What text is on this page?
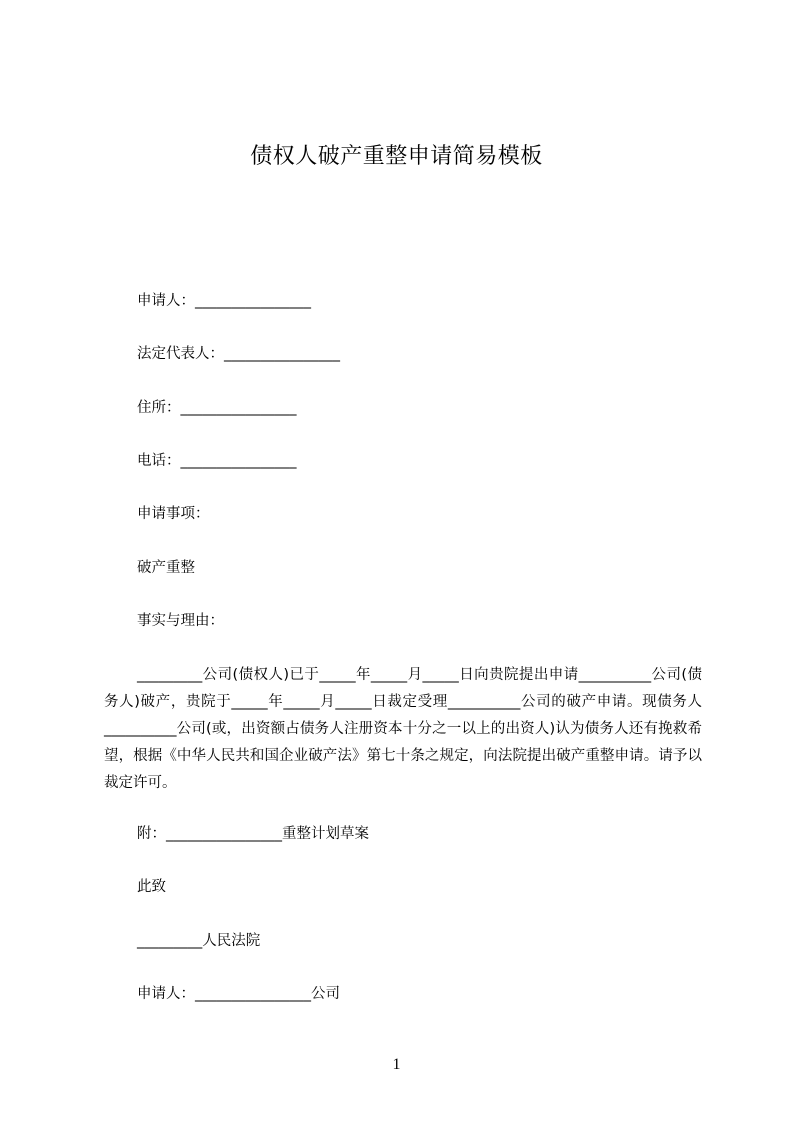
债权人破产重整申请简易模板
申请人：________________
法定代表人：________________
住所：________________
电话：________________
申请事项：
破产重整
事实与理由：
_________公司(债权人)已于_____年_____月_____日向贵院提出申请__________公司(债务人)破产，贵院于_____年_____月_____日裁定受理__________公司的破产申请。现债务人__________公司(或，出资额占债务人注册资本十分之一以上的出资人)认为债务人还有挽救希望，根据《中华人民共和国企业破产法》第七十条之规定，向法院提出破产重整申请。请予以裁定许可。
附：________________重整计划草案
此致
_________人民法院
申请人：________________公司
1
